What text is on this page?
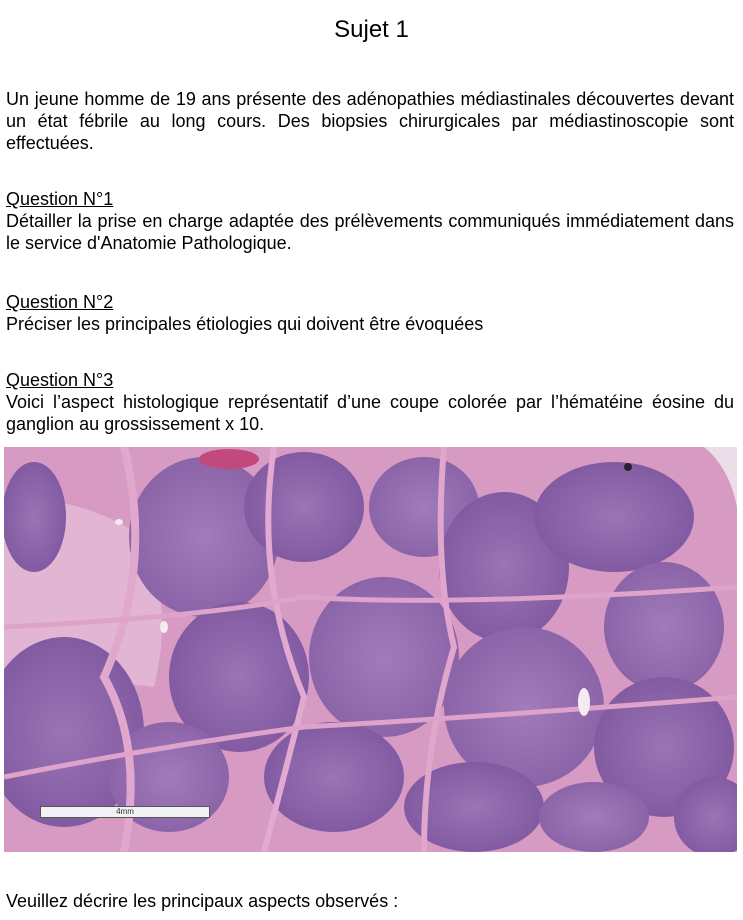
Sujet 1

Un jeune homme de 19 ans présente des adénopathies médiastinales découvertes devant un état fébrile au long cours. Des biopsies chirurgicales par médiastinoscopie sont effectuées.

Question N°1

Détailler la prise en charge adaptée des prélèvements communiqués immédiatement dans le service d'Anatomie Pathologique.

Question N°2

Préciser les principales étiologies qui doivent être évoquées

Question N°3

Voici l’aspect histologique représentatif d’une coupe colorée par l’hématéine éosine du ganglion au grossissement x 10.

4mm

Veuillez décrire les principaux aspects observés :
